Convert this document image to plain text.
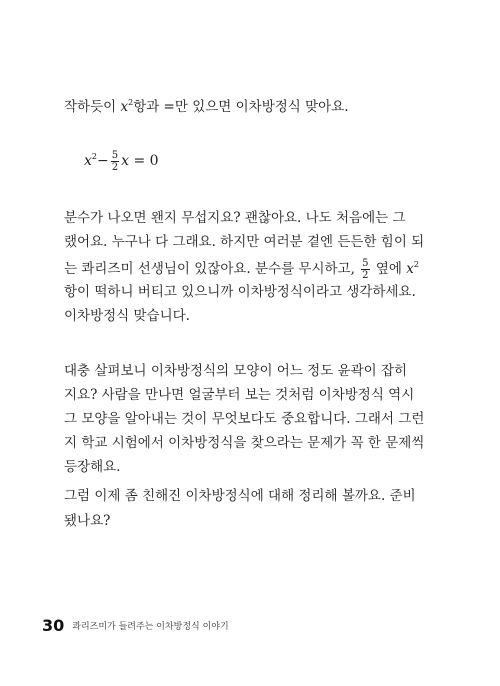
작하듯이 $x^2$항과 =만 있으면 이차방정식 맞아요.
$x^2- \frac{5}{2}$ x = 0
분수가 나오면 왠지 무섭지요? 괜찮아요. 나도 처음에는 그
랬어요. 누구나 다 그래요. 하지만 여러분 곁엔 든든한 힘이 되
는 콰리즈미 선생님이 있잖아요. 분수를 무시하고, $\frac{5}{2}$ 옆에 $x^2$
항이 떡하니 버티고 있으니까 이차방정식이라고 생각하세요.
이차방정식 맞습니다.
대충 살펴보니 이차방정식의 모양이 어느 정도 윤곽이 잡히
지요? 사람을 만나면 얼굴부터 보는 것처럼 이차방정식 역시
그 모양을 알아내는 것이 무엇보다도 중요합니다. 그래서 그런
지 학교 시험에서 이차방정식을 찾으라는 문제가 꼭 한 문제씩
등장해요.
그럼 이제 좀 친해진 이차방정식에 대해 정리해 볼까요. 준비
됐나요?
30 콰리즈미가 들려주는 이차방정식 이야기
